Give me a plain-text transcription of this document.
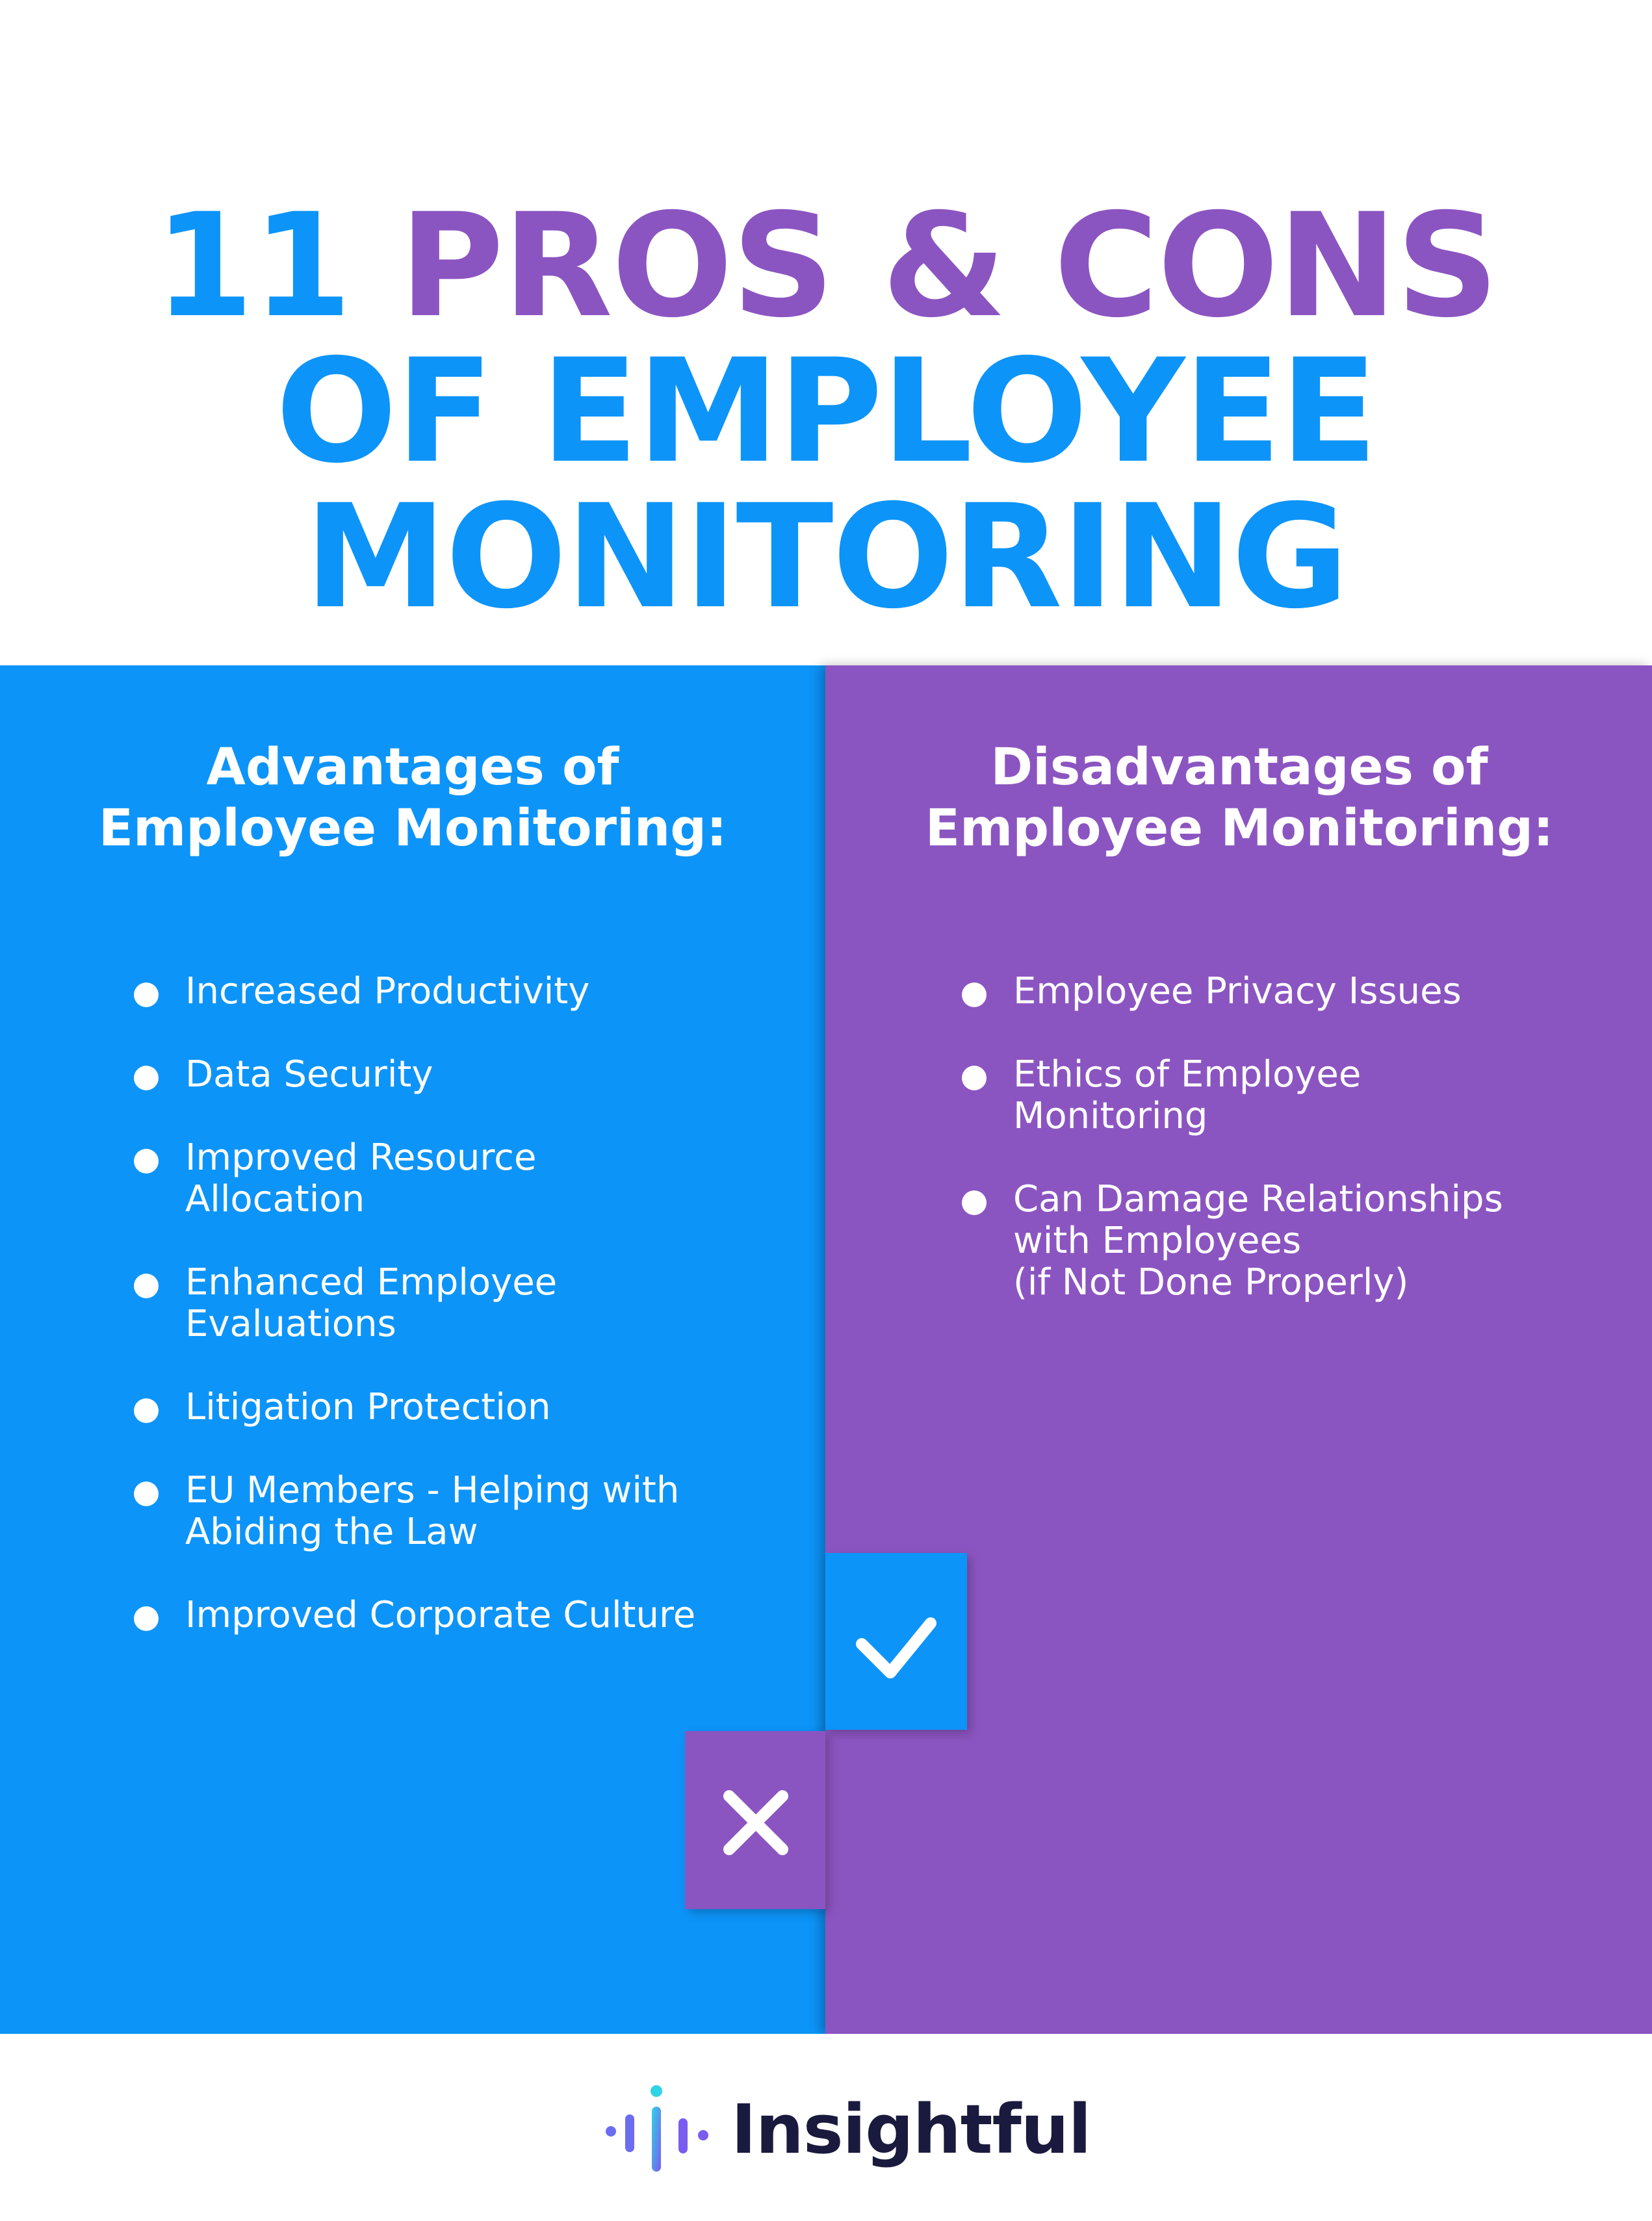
11 PROS & CONS
OF EMPLOYEE
MONITORING
Advantages of
Employee Monitoring:
Increased Productivity
Data Security
Improved Resource
Allocation
Enhanced Employee
Evaluations
Litigation Protection
EU Members - Helping with
Abiding the Law
Improved Corporate Culture
Disadvantages of
Employee Monitoring:
Employee Privacy Issues
Ethics of Employee
Monitoring
Can Damage Relationships
with Employees
(if Not Done Properly)
Insightful
